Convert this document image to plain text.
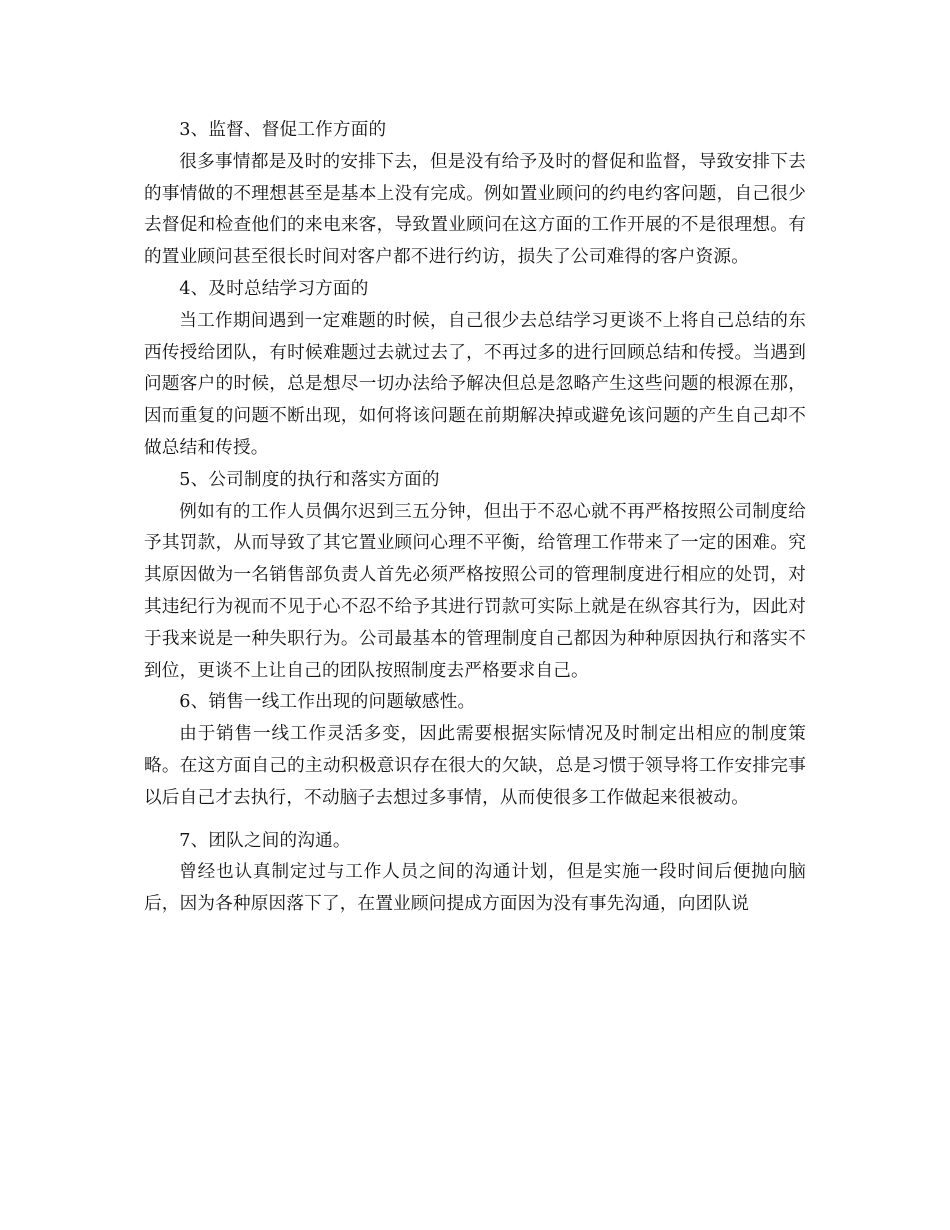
3、监督、督促工作方面的

很多事情都是及时的安排下去，但是没有给予及时的督促和监督，导致安排下去的事情做的不理想甚至是基本上没有完成。例如置业顾问的约电约客问题，自己很少去督促和检查他们的来电来客，导致置业顾问在这方面的工作开展的不是很理想。有的置业顾问甚至很长时间对客户都不进行约访，损失了公司难得的客户资源。

4、及时总结学习方面的

当工作期间遇到一定难题的时候，自己很少去总结学习更谈不上将自己总结的东西传授给团队，有时候难题过去就过去了，不再过多的进行回顾总结和传授。当遇到问题客户的时候，总是想尽一切办法给予解决但总是忽略产生这些问题的根源在那，因而重复的问题不断出现，如何将该问题在前期解决掉或避免该问题的产生自己却不做总结和传授。

5、公司制度的执行和落实方面的

例如有的工作人员偶尔迟到三五分钟，但出于不忍心就不再严格按照公司制度给予其罚款，从而导致了其它置业顾问心理不平衡，给管理工作带来了一定的困难。究其原因做为一名销售部负责人首先必须严格按照公司的管理制度进行相应的处罚，对其违纪行为视而不见于心不忍不给予其进行罚款可实际上就是在纵容其行为，因此对于我来说是一种失职行为。公司最基本的管理制度自己都因为种种原因执行和落实不到位，更谈不上让自己的团队按照制度去严格要求自己。

6、销售一线工作出现的问题敏感性。

由于销售一线工作灵活多变，因此需要根据实际情况及时制定出相应的制度策略。在这方面自己的主动积极意识存在很大的欠缺，总是习惯于领导将工作安排完事以后自己才去执行，不动脑子去想过多事情，从而使很多工作做起来很被动。

7、团队之间的沟通。

曾经也认真制定过与工作人员之间的沟通计划，但是实施一段时间后便抛向脑后，因为各种原因落下了，在置业顾问提成方面因为没有事先沟通，向团队说
